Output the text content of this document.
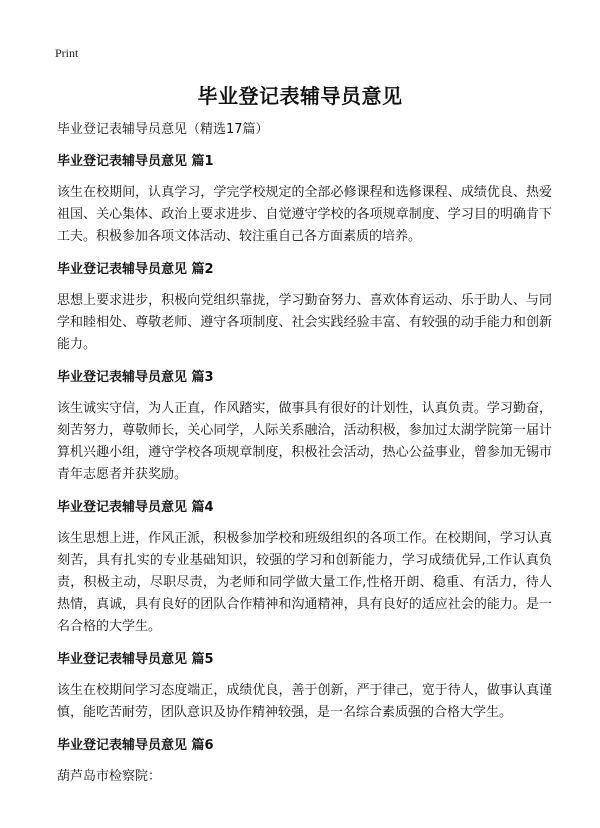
Print
毕业登记表辅导员意见

毕业登记表辅导员意见（精选17篇）

毕业登记表辅导员意见 篇1

该生在校期间，认真学习，学完学校规定的全部必修课程和选修课程、成绩优良、热爱祖国、关心集体、政治上要求进步、自觉遵守学校的各项规章制度、学习目的明确肯下工夫。积极参加各项文体活动、较注重自己各方面素质的培养。

毕业登记表辅导员意见 篇2

思想上要求进步，积极向党组织靠拢，学习勤奋努力、喜欢体育运动、乐于助人、与同学和睦相处、尊敬老师、遵守各项制度、社会实践经验丰富、有较强的动手能力和创新能力。

毕业登记表辅导员意见 篇3

该生诚实守信，为人正直，作风踏实，做事具有很好的计划性，认真负责。学习勤奋，刻苦努力，尊敬师长，关心同学，人际关系融洽，活动积极，参加过太湖学院第一届计算机兴趣小组，遵守学校各项规章制度，积极社会活动，热心公益事业，曾参加无锡市青年志愿者并获奖励。

毕业登记表辅导员意见 篇4

该生思想上进，作风正派，积极参加学校和班级组织的各项工作。在校期间，学习认真刻苦，具有扎实的专业基础知识，较强的学习和创新能力，学习成绩优异,工作认真负责，积极主动，尽职尽责，为老师和同学做大量工作,性格开朗、稳重、有活力，待人热情，真诚，具有良好的团队合作精神和沟通精神，具有良好的适应社会的能力。是一名合格的大学生。

毕业登记表辅导员意见 篇5

该生在校期间学习态度端正，成绩优良，善于创新，严于律己，宽于待人，做事认真谨慎，能吃苦耐劳，团队意识及协作精神较强，是一名综合素质强的合格大学生。

毕业登记表辅导员意见 篇6

葫芦岛市检察院：
